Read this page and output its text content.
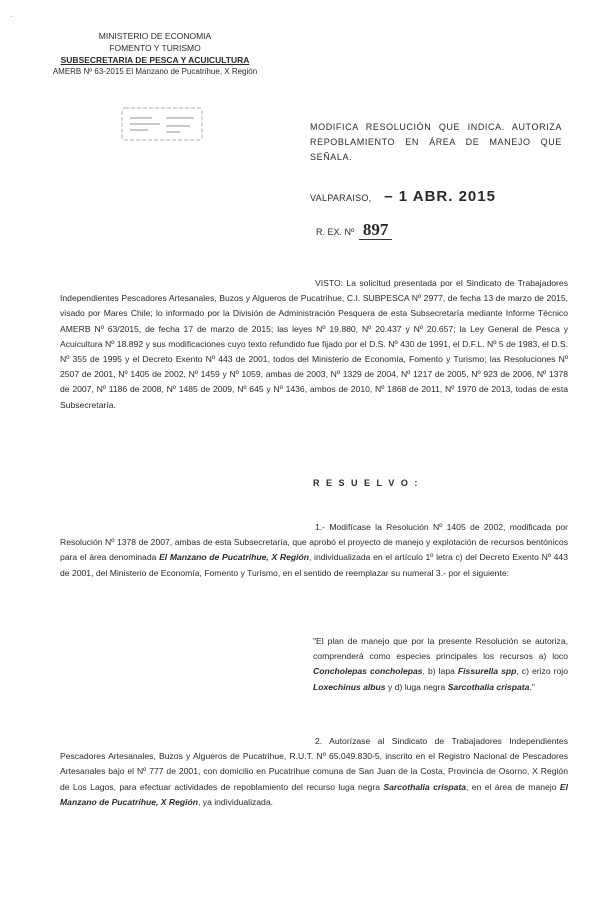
·
MINISTERIO DE ECONOMIA
FOMENTO Y TURISMO
SUBSECRETARIA DE PESCA Y ACUICULTURA
AMERB Nº 63-2015 El Manzano de Pucatrihue, X Región
MODIFICA RESOLUCIÓN QUE INDICA. AUTORIZA REPOBLAMIENTO EN ÁREA DE MANEJO QUE SEÑALA.
VALPARAISO, – 1 ABR. 2015
R. EX. Nº 897
VISTO: La solicitud presentada por el Sindicato de Trabajadores Independientes Pescadores Artesanales, Buzos y Algueros de Pucatrihue, C.I. SUBPESCA Nº 2977, de fecha 13 de marzo de 2015, visado por Mares Chile; lo informado por la División de Administración Pesquera de esta Subsecretaría mediante Informe Técnico AMERB Nº 63/2015, de fecha 17 de marzo de 2015; las leyes Nº 19.880, Nº 20.437 y Nº 20.657; la Ley General de Pesca y Acuicultura Nº 18.892 y sus modificaciones cuyo texto refundido fue fijado por el D.S. Nº 430 de 1991, el D.F.L. Nº 5 de 1983, el D.S. Nº 355 de 1995 y el Decreto Exento Nº 443 de 2001, todos del Ministerio de Economía, Fomento y Turismo; las Resoluciones Nº 2507 de 2001, Nº 1405 de 2002, Nº 1459 y Nº 1059, ambas de 2003, Nº 1329 de 2004, Nº 1217 de 2005, Nº 923 de 2006, Nº 1378 de 2007, Nº 1186 de 2008, Nº 1485 de 2009, Nº 645 y Nº 1436, ambos de 2010, Nº 1868 de 2011, Nº 1970 de 2013, todas de esta Subsecretaría.
R E S U E L V O :
1.- Modifícase la Resolución Nº 1405 de 2002, modificada por Resolución Nº 1378 de 2007, ambas de esta Subsecretaría, que aprobó el proyecto de manejo y explotación de recursos bentónicos para el área denominada El Manzano de Pucatrihue, X Región, individualizada en el artículo 1º letra c) del Decreto Exento Nº 443 de 2001, del Ministerio de Economía, Fomento y Turismo, en el sentido de reemplazar su numeral 3.- por el siguiente:
"El plan de manejo que por la presente Resolución se autoriza, comprenderá como especies principales los recursos a) loco Concholepas concholepas, b) lapa Fissurella spp, c) erizo rojo Loxechinus albus y d) luga negra Sarcothalia crispata."
2. Autorízase al Sindicato de Trabajadores Independientes Pescadores Artesanales, Buzos y Algueros de Pucatrihue, R.U.T. Nº 65.049.830-5, inscrito en el Registro Nacional de Pescadores Artesanales bajo el Nº 777 de 2001, con domicilio en Pucatrihue comuna de San Juan de la Costa, Provincia de Osorno, X Región de Los Lagos, para efectuar actividades de repoblamiento del recurso luga negra Sarcothalia crispata, en el área de manejo El Manzano de Pucatrihue, X Región, ya individualizada.
